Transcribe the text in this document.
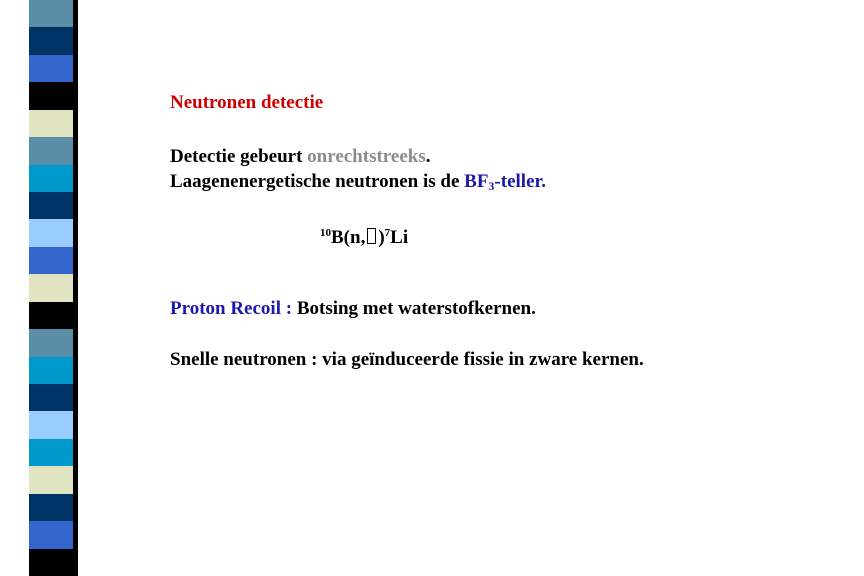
Neutronen detectie
Detectie gebeurt onrechtstreeks.
Laagenenergetische neutronen is de $BF_3$-teller.
$^{10}$B(n, )$^7$Li
Proton Recoil : Botsing met waterstofkernen.
Snelle neutronen : via geïnduceerde fissie in zware kernen.
